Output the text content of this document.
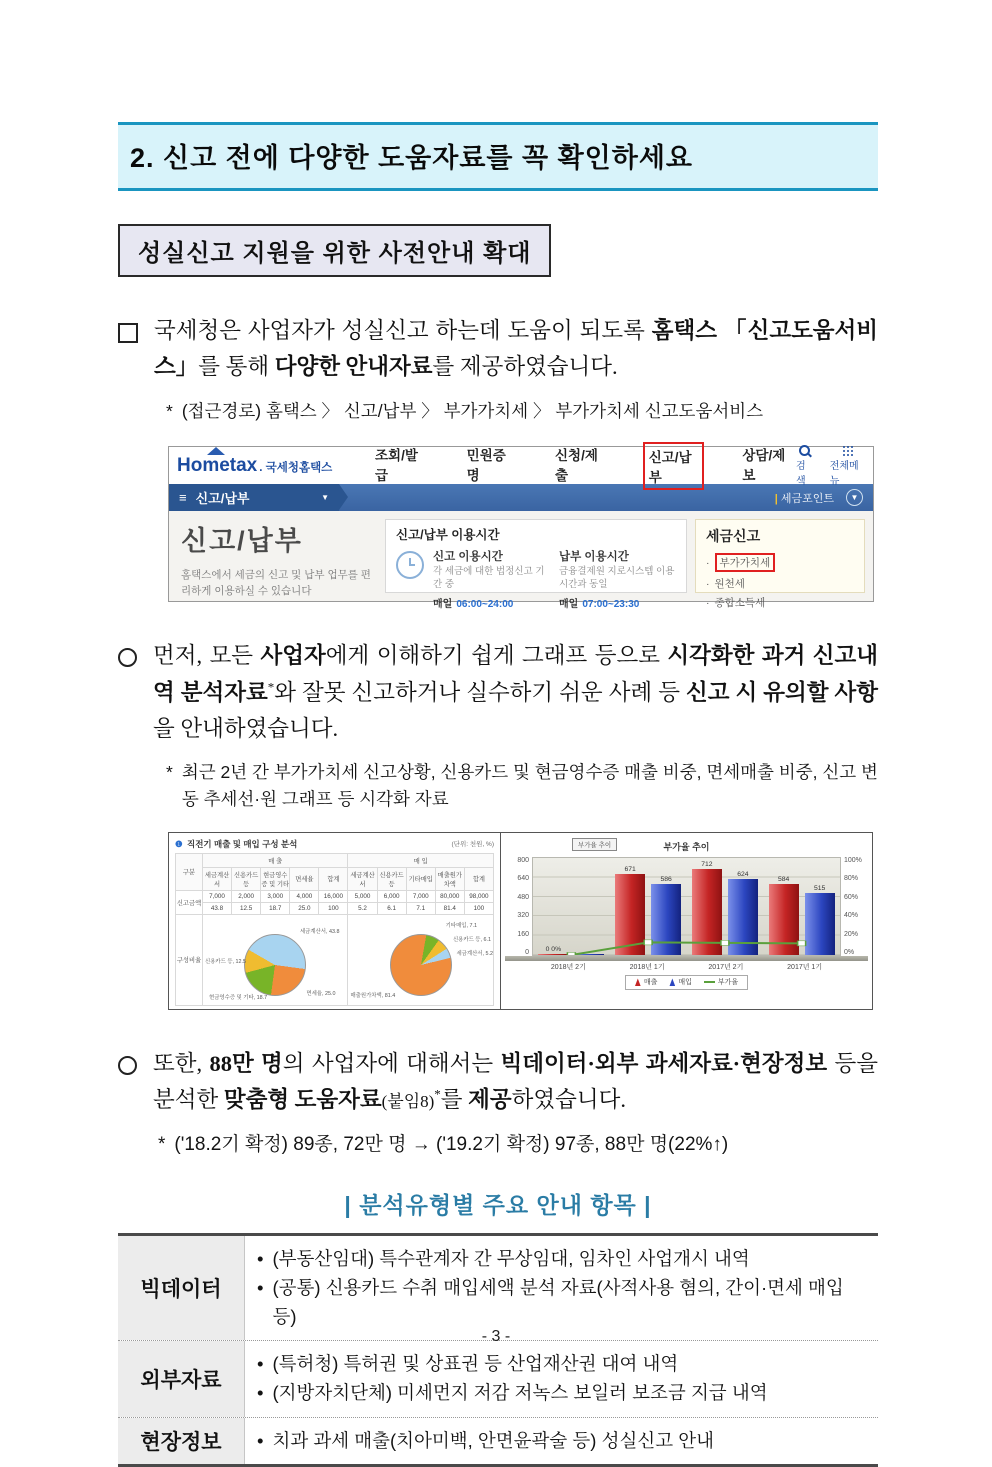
2. 신고 전에 다양한 도움자료를 꼭 확인하세요
성실신고 지원을 위한 사전안내 확대
국세청은 사업자가 성실신고 하는데 도움이 되도록 홈택스 「신고도움서비스」를 통해 다양한 안내자료를 제공하였습니다.
* (접근경로) 홈택스 〉 신고/납부 〉 부가가치세 〉 부가가치세 신고도움서비스
Hometax . 국세청홈택스
조회/발급
민원증명
신청/제출
신고/납부
상담/제보
검색
전체메뉴
≡ 신고/납부	▼	| 세금포인트	▼
신고/납부

홈택스에서 세금의 신고 및 납부 업무를 편리하게 이용하실 수 있습니다

신고/납부 이용시간
신고 이용시간

각 세금에 대한 법정신고 기간 중

매일 06:00~24:00
납부 이용시간

금융결제원 지로시스템 이용시간과 동일

매일 07:00~23:30
세금신고
· 부가가치세
· 원천세
· 종합소득세
먼저, 모든 사업자에게 이해하기 쉽게 그래프 등으로 시각화한 과거 신고내역 분석자료*와 잘못 신고하거나 실수하기 쉬운 사례 등 신고 시 유의할 사항을 안내하였습니다.
* 최근 2년 간 부가가치세 신고상황, 신용카드 및 현금영수증 매출 비중, 면세매출 비중, 신고 변동 추세선·원 그래프 등 시각화 자료
❶ 직전기 매출 및 매입 구성 분석	(단위: 천원, %)
구분	매 출					매 입				
	세금계산서	신용카드 등	현금영수증 및 기타	면세율	합계	세금계산서	신용카드 등	기타매입	매출원가차액	합계
신고금액	7,000	2,000	3,000	4,000	16,000	5,000	6,000	7,000	80,000	98,000
	43.8	12.5	18.7	25.0	100	5.2	6.1	7.1	81.4	100
구성비율	세금계산서, 43.8
신용카드 등, 12.5
현금영수증 및 기타, 18.7
면세율, 25.0					기타매입, 7.1
신용카드 등, 6.1
세금계산서, 5.2
매출원가차액, 81.4				
부가율 추이	부가율 추이
800
640
480
320
160
0 0 0%
671
586
712
624
584
515
100%
80%
60%
40%
20%
0%
2018년 2기	2018년 1기	2017년 2기	2017년 1기
매출	매입	부가율
또한, 88만 명의 사업자에 대해서는 빅데이터·외부 과세자료·현장정보 등을 분석한 맞춤형 도움자료(붙임8)*를 제공하였습니다.
* ('18.2기 확정) 89종, 72만 명 → ('19.2기 확정) 97종, 88만 명(22%↑)
| 분석유형별 주요 안내 항목 |
빅데이터
• (부동산임대) 특수관계자 간 무상임대, 임차인 사업개시 내역
• (공통) 신용카드 수취 매입세액 분석 자료(사적사용 혐의, 간이·면세 매입 등)
외부자료
• (특허청) 특허권 및 상표권 등 산업재산권 대여 내역
• (지방자치단체) 미세먼지 저감 저녹스 보일러 보조금 지급 내역
현장정보	• 치과 과세 매출(치아미백, 안면윤곽술 등) 성실신고 안내
- 3 -
